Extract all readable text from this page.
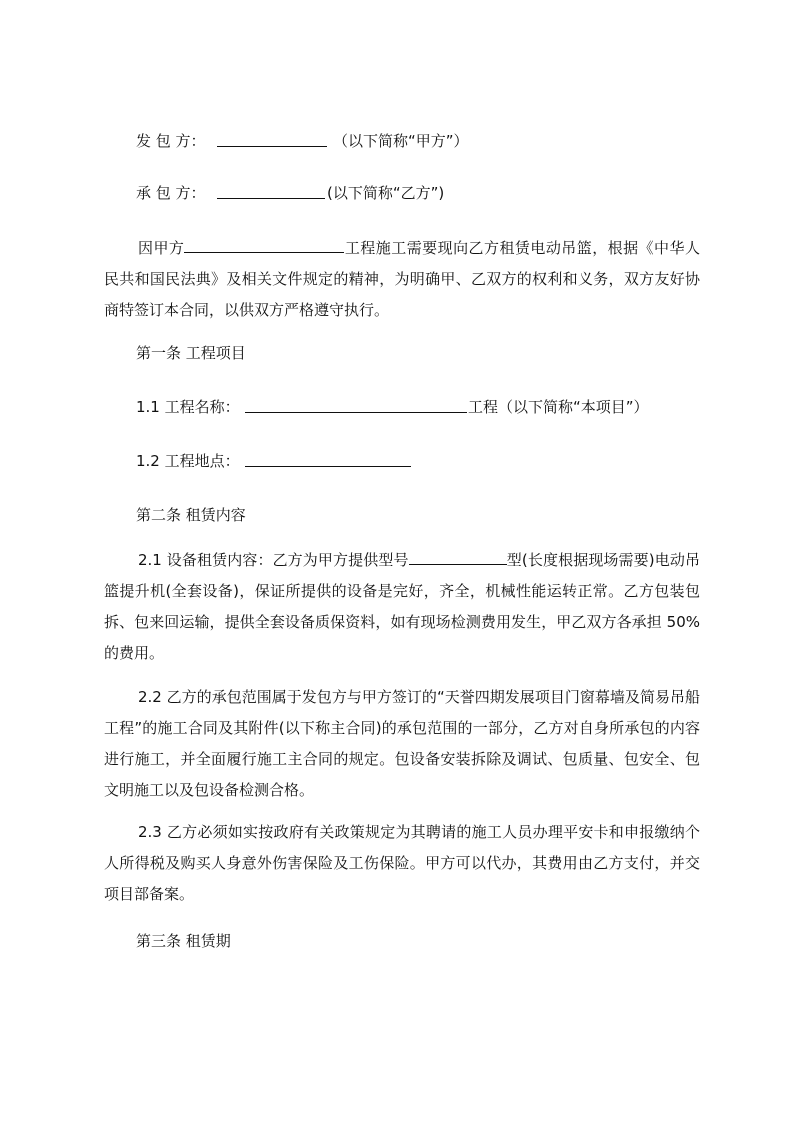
发 包 方：	（以下简称“甲方”）
承 包 方：	(以下简称“乙方”)
因甲方	工程施工需要现向乙方租赁电动吊篮，根据《中华人民共和国民法典》及相关文件规定的精神，为明确甲、乙双方的权利和义务，双方友好协商特签订本合同，以供双方严格遵守执行。
第一条 工程项目
1.1 工程名称：	工程（以下简称“本项目”）
1.2 工程地点：
第二条 租赁内容
2.1 设备租赁内容：乙方为甲方提供型号	型(长度根据现场需要)电动吊篮提升机(全套设备)，保证所提供的设备是完好，齐全，机械性能运转正常。乙方包装包拆、包来回运输，提供全套设备质保资料，如有现场检测费用发生，甲乙双方各承担 50%的费用。
2.2 乙方的承包范围属于发包方与甲方签订的“天誉四期发展项目门窗幕墙及简易吊船工程”的施工合同及其附件(以下称主合同)的承包范围的一部分，乙方对自身所承包的内容进行施工，并全面履行施工主合同的规定。包设备安装拆除及调试、包质量、包安全、包文明施工以及包设备检测合格。
2.3 乙方必须如实按政府有关政策规定为其聘请的施工人员办理平安卡和申报缴纳个人所得税及购买人身意外伤害保险及工伤保险。甲方可以代办，其费用由乙方支付，并交项目部备案。
第三条 租赁期
